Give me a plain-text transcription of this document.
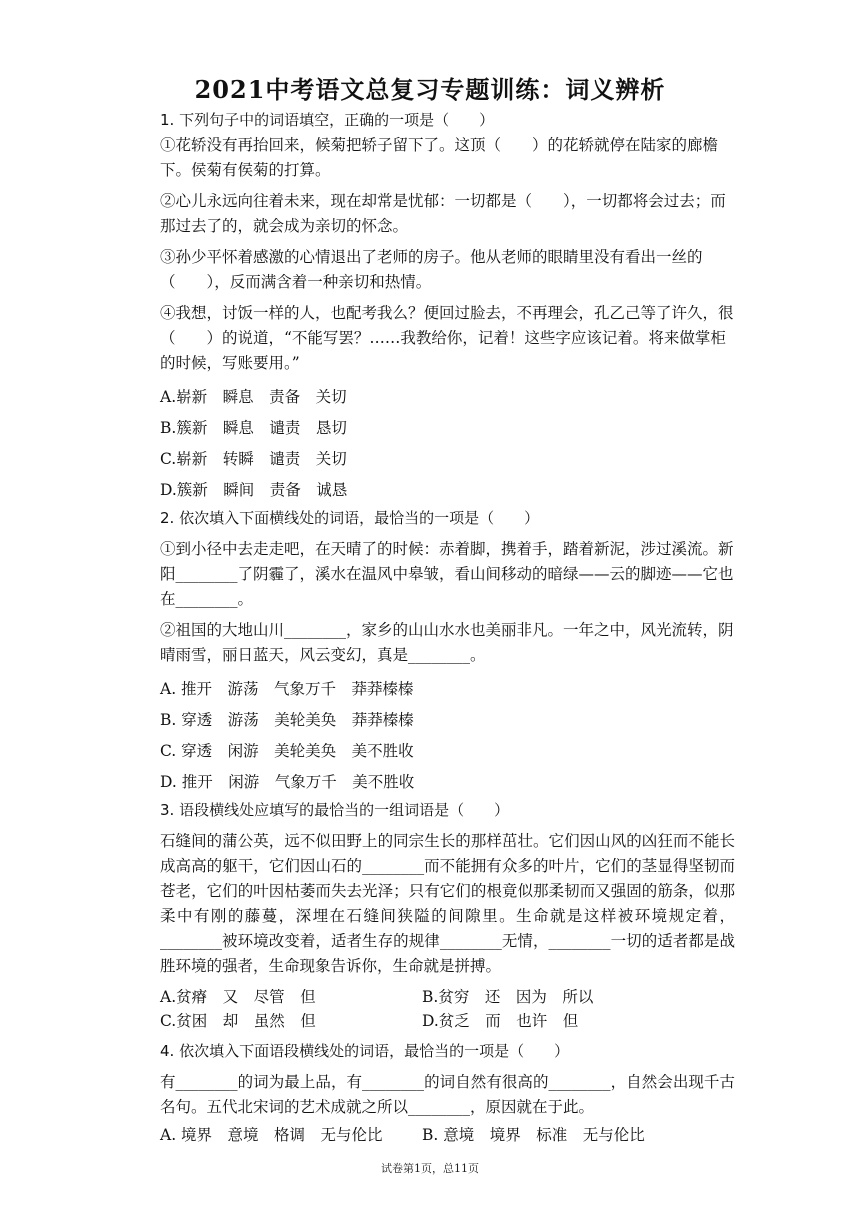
2021中考语文总复习专题训练：词义辨析

1. 下列句子中的词语填空，正确的一项是（　　）

①花轿没有再抬回来，候菊把轿子留下了。这顶（　　）的花轿就停在陆家的廊檐下。侯菊有侯菊的打算。

②心儿永远向往着未来，现在却常是忧郁：一切都是（　　），一切都将会过去；而那过去了的，就会成为亲切的怀念。

③孙少平怀着感激的心情退出了老师的房子。他从老师的眼睛里没有看出一丝的（　　），反而满含着一种亲切和热情。

④我想，讨饭一样的人，也配考我么？便回过脸去，不再理会，孔乙己等了许久，很（　　）的说道，“不能写罢？……我教给你，记着！这些字应该记着。将来做掌柜的时候，写账要用。”

A.崭新　瞬息　责备　关切

B.簇新　瞬息　谴责　恳切

C.崭新　转瞬　谴责　关切

D.簇新　瞬间　责备　诚恳

2. 依次填入下面横线处的词语，最恰当的一项是（　　）

①到小径中去走走吧，在天晴了的时候：赤着脚，携着手，踏着新泥，涉过溪流。新阳________了阴霾了，溪水在温风中皋皱，看山间移动的暗绿——云的脚迹——它也在________。

②祖国的大地山川________，家乡的山山水水也美丽非凡。一年之中，风光流转，阴晴雨雪，丽日蓝天，风云变幻，真是________。

A. 推开　游荡　气象万千　莽莽榛榛

B. 穿透　游荡　美轮美奂　莽莽榛榛

C. 穿透　闲游　美轮美奂　美不胜收

D. 推开　闲游　气象万千　美不胜收

3. 语段横线处应填写的最恰当的一组词语是（　　）

石缝间的蒲公英，远不似田野上的同宗生长的那样茁壮。它们因山风的凶狂而不能长成高高的躯干，它们因山石的________而不能拥有众多的叶片，它们的茎显得坚韧而苍老，它们的叶因枯萎而失去光泽；只有它们的根竟似那柔韧而又强固的筋条，似那柔中有刚的藤蔓，深埋在石缝间狭隘的间隙里。生命就是这样被环境规定着，________被环境改变着，适者生存的规律________无情，________一切的适者都是战胜环境的强者，生命现象告诉你，生命就是拼搏。

A.贫瘠　又　尽管　但	B.贫穷　还　因为　所以
C.贫困　却　虽然　但	D.贫乏　而　也许　但

4. 依次填入下面语段横线处的词语，最恰当的一项是（　　）

有________的词为最上品，有________的词自然有很高的________，自然会出现千古名句。五代北宋词的艺术成就之所以________，原因就在于此。

A. 境界　意境　格调　无与伦比	B. 意境　境界　标准　无与伦比
试卷第1页，总11页
